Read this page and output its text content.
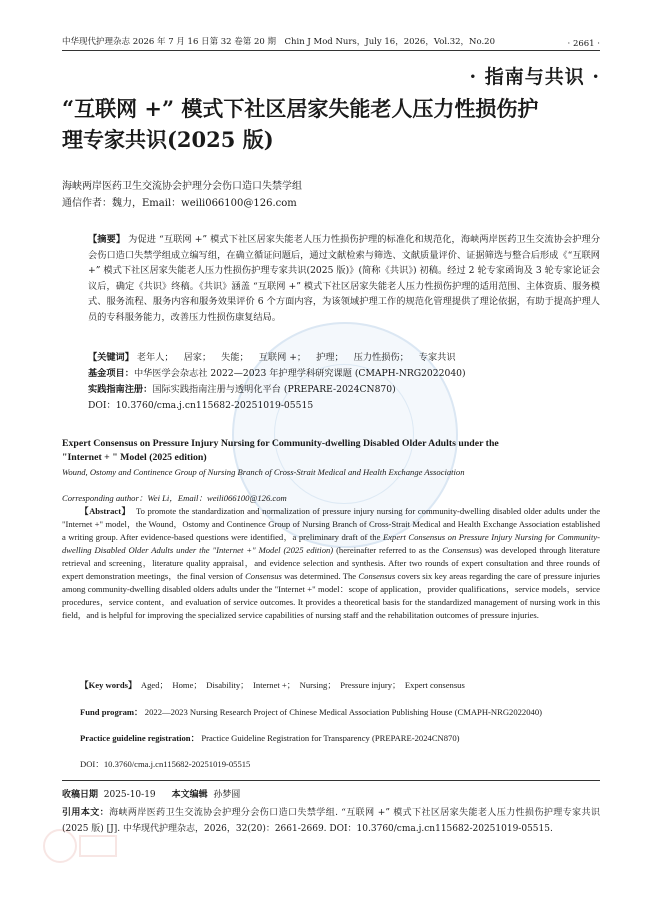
中华现代护理杂志 2026 年 7 月 16 日第 32 卷第 20 期　Chin J Mod Nurs，July 16，2026，Vol.32，No.20	· 2661 ·
· 指南与共识 ·
“互联网 +” 模式下社区居家失能老人压力性损伤护理专家共识(2025 版)
海峡两岸医药卫生交流协会护理分会伤口造口失禁学组
通信作者：魏力，Email：weili066100@126.com

【摘要】 为促进 “互联网 +” 模式下社区居家失能老人压力性损伤护理的标准化和规范化，海峡两岸医药卫生交流协会护理分会伤口造口失禁学组成立编写组，在确立循证问题后，通过文献检索与筛选、文献质量评价、证据筛选与整合后形成《“互联网 +” 模式下社区居家失能老人压力性损伤护理专家共识(2025 版)》(简称《共识》) 初稿。经过 2 轮专家函询及 3 轮专家论证会议后，确定《共识》终稿。《共识》涵盖 “互联网 +” 模式下社区居家失能老人压力性损伤护理的适用范围、主体资质、服务模式、服务流程、服务内容和服务效果评价 6 个方面内容，为该领域护理工作的规范化管理提供了理论依据，有助于提高护理人员的专科服务能力，改善压力性损伤康复结局。

【关键词】 老年人； 居家； 失能； 互联网 +； 护理； 压力性损伤； 专家共识
基金项目：中华医学会杂志社 2022—2023 年护理学科研究课题 (CMAPH-NRG2022040)
实践指南注册：国际实践指南注册与透明化平台 (PREPARE-2024CN870)
DOI：10.3760/cma.j.cn115682-20251019-05515
Expert Consensus on Pressure Injury Nursing for Community-dwelling Disabled Older Adults under the "Internet + " Model (2025 edition)
Wound, Ostomy and Continence Group of Nursing Branch of Cross-Strait Medical and Health Exchange Association
Corresponding author：Wei Li，Email：weili066100@126.com

【Abstract】 To promote the standardization and normalization of pressure injury nursing for community-dwelling disabled older adults under the "Internet +" model，the Wound，Ostomy and Continence Group of Nursing Branch of Cross-Strait Medical and Health Exchange Association established a writing group. After evidence-based questions were identified，a preliminary draft of the Expert Consensus on Pressure Injury Nursing for Community-dwelling Disabled Older Adults under the "Internet +" Model (2025 edition) (hereinafter referred to as the Consensus) was developed through literature retrieval and screening，literature quality appraisal，and evidence selection and synthesis. After two rounds of expert consultation and three rounds of expert demonstration meetings，the final version of Consensus was determined. The Consensus covers six key areas regarding the care of pressure injuries among community-dwelling disabled olders adults under the "Internet +" model：scope of application，provider qualifications，service models，service procedures，service content，and evaluation of service outcomes. It provides a theoretical basis for the standardized management of nursing work in this field，and is helpful for improving the specialized service capabilities of nursing staff and the rehabilitation outcomes of pressure injuries.

【Key words】 Aged；　Home；　Disability；　Internet +；　Nursing；　Pressure injury；　Expert consensus

Fund program： 2022—2023 Nursing Research Project of Chinese Medical Association Publishing House (CMAPH-NRG2022040)

Practice guideline registration： Practice Guideline Registration for Transparency (PREPARE-2024CN870)

DOI：10.3760/cma.j.cn115682-20251019-05515
收稿日期 2025-10-19 本文编辑 孙梦圆

引用本文：海峡两岸医药卫生交流协会护理分会伤口造口失禁学组. “互联网 +” 模式下社区居家失能老人压力性损伤护理专家共识 (2025 版) [J]. 中华现代护理杂志，2026，32(20)：2661-2669. DOI：10.3760/cma.j.cn115682-20251019-05515.
